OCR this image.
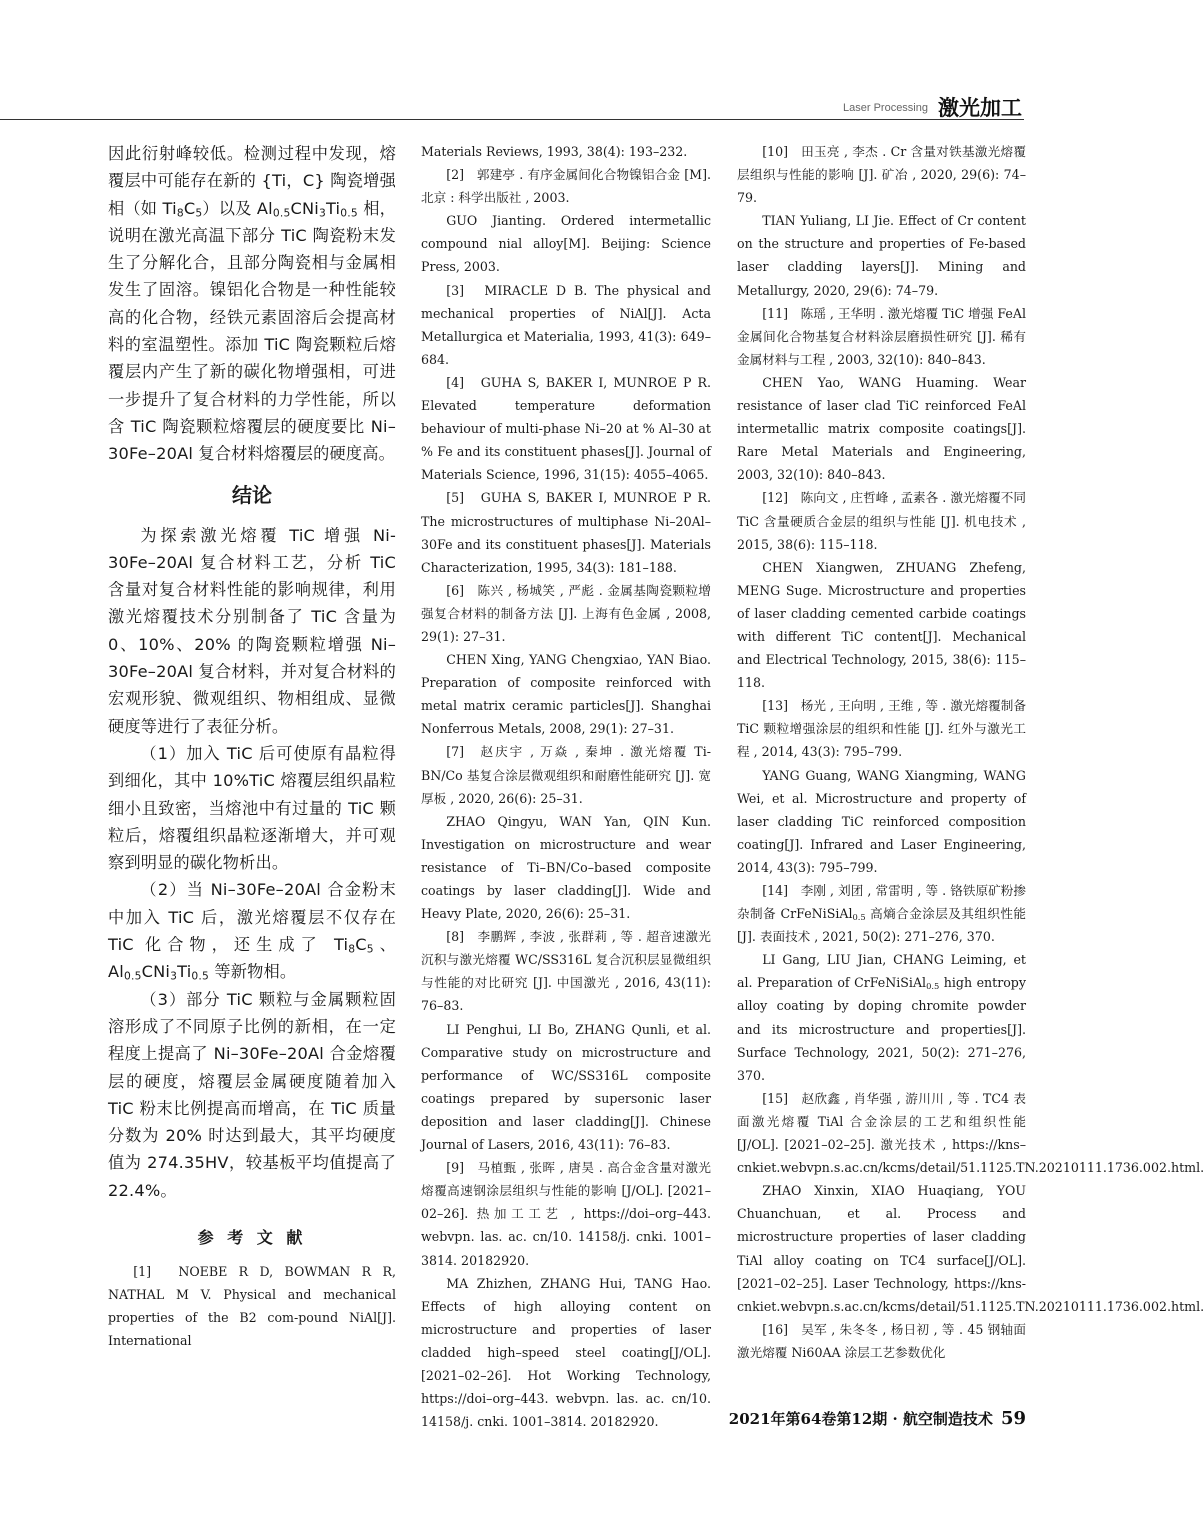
Laser Processing 激光加工

因此衍射峰较低。检测过程中发现，熔覆层中可能存在新的 {Ti，C} 陶瓷增强相（如 $Ti_8C_5$）以及 $Al_{0.5}CNi_3Ti_{0.5}$ 相，说明在激光高温下部分 TiC 陶瓷粉末发生了分解化合，且部分陶瓷相与金属相发生了固溶。镍铝化合物是一种性能较高的化合物，经铁元素固溶后会提高材料的室温塑性。添加 TiC 陶瓷颗粒后熔覆层内产生了新的碳化物增强相，可进一步提升了复合材料的力学性能，所以含 TiC 陶瓷颗粒熔覆层的硬度要比 Ni–30Fe–20Al 复合材料熔覆层的硬度高。

结论

为探索激光熔覆 TiC 增强 Ni-30Fe–20Al 复合材料工艺，分析 TiC 含量对复合材料性能的影响规律，利用激光熔覆技术分别制备了 TiC 含量为 0、10%、20% 的陶瓷颗粒增强 Ni–30Fe–20Al 复合材料，并对复合材料的宏观形貌、微观组织、物相组成、显微硬度等进行了表征分析。

（1）加入 TiC 后可使原有晶粒得到细化，其中 10%TiC 熔覆层组织晶粒细小且致密，当熔池中有过量的 TiC 颗粒后，熔覆组织晶粒逐渐增大，并可观察到明显的碳化物析出。

（2）当 Ni–30Fe–20Al 合金粉末中加入 TiC 后，激光熔覆层不仅存在 TiC 化合物，还生成了 $Ti_8C_5$、$Al_{0.5}CNi_3Ti_{0.5}$ 等新物相。

（3）部分 TiC 颗粒与金属颗粒固溶形成了不同原子比例的新相，在一定程度上提高了 Ni–30Fe–20Al 合金熔覆层的硬度，熔覆层金属硬度随着加入 TiC 粉末比例提高而增高，在 TiC 质量分数为 20% 时达到最大，其平均硬度值为 274.35HV，较基板平均值提高了 22.4%。

参 考 文 献

[1]　NOEBE R D, BOWMAN R R, NATHAL M V. Physical and mechanical properties of the B2 com-pound NiAl[J]. International

Materials Reviews, 1993, 38(4): 193–232.

[2]　郭建亭 . 有序金属间化合物镍铝合金 [M]. 北京 : 科学出版社 , 2003.

GUO Jianting. Ordered intermetallic compound nial alloy[M]. Beijing: Science Press, 2003.

[3]　MIRACLE D B. The physical and mechanical properties of NiAl[J]. Acta Metallurgica et Materialia, 1993, 41(3): 649–684.

[4]　GUHA S, BAKER I, MUNROE P R. Elevated temperature deformation behaviour of multi-phase Ni–20 at % Al–30 at % Fe and its constituent phases[J]. Journal of Materials Science, 1996, 31(15): 4055–4065.

[5]　GUHA S, BAKER I, MUNROE P R. The microstructures of multiphase Ni–20Al–30Fe and its constituent phases[J]. Materials Characterization, 1995, 34(3): 181–188.

[6]　陈兴 , 杨城笑 , 严彪 . 金属基陶瓷颗粒增强复合材料的制备方法 [J]. 上海有色金属 , 2008, 29(1): 27–31.

CHEN Xing, YANG Chengxiao, YAN Biao. Preparation of composite reinforced with metal matrix ceramic particles[J]. Shanghai Nonferrous Metals, 2008, 29(1): 27–31.

[7]　赵庆宇 , 万焱 , 秦坤 . 激光熔覆 Ti-BN/Co 基复合涂层微观组织和耐磨性能研究 [J]. 宽厚板 , 2020, 26(6): 25–31.

ZHAO Qingyu, WAN Yan, QIN Kun. Investigation on microstructure and wear resistance of Ti–BN/Co–based composite coatings by laser cladding[J]. Wide and Heavy Plate, 2020, 26(6): 25–31.

[8]　李鹏辉 , 李波 , 张群莉 , 等 . 超音速激光沉积与激光熔覆 WC/SS316L 复合沉积层显微组织与性能的对比研究 [J]. 中国激光 , 2016, 43(11): 76–83.

LI Penghui, LI Bo, ZHANG Qunli, et al. Comparative study on microstructure and performance of WC/SS316L composite coatings prepared by supersonic laser deposition and laser cladding[J]. Chinese Journal of Lasers, 2016, 43(11): 76–83.

[9]　马植甄 , 张晖 , 唐昊 . 高合金含量对激光熔覆高速钢涂层组织与性能的影响 [J/OL]. [2021–02–26]. 热加工工艺 , https://doi–org–443. webvpn. las. ac. cn/10. 14158/j. cnki. 1001–3814. 20182920.

MA Zhizhen, ZHANG Hui, TANG Hao. Effects of high alloying content on microstructure and properties of laser cladded high–speed steel coating[J/OL]. [2021–02–26]. Hot Working Technology, https://doi–org–443. webvpn. las. ac. cn/10. 14158/j. cnki. 1001–3814. 20182920.

[10]　田玉亮 , 李杰 . Cr 含量对铁基激光熔覆层组织与性能的影响 [J]. 矿冶 , 2020, 29(6): 74–79.

TIAN Yuliang, LI Jie. Effect of Cr content on the structure and properties of Fe-based laser cladding layers[J]. Mining and Metallurgy, 2020, 29(6): 74–79.

[11]　陈瑶 , 王华明 . 激光熔覆 TiC 增强 FeAl 金属间化合物基复合材料涂层磨损性研究 [J]. 稀有金属材料与工程 , 2003, 32(10): 840–843.

CHEN Yao, WANG Huaming. Wear resistance of laser clad TiC reinforced FeAl intermetallic matrix composite coatings[J]. Rare Metal Materials and Engineering, 2003, 32(10): 840–843.

[12]　陈向文 , 庄哲峰 , 孟素各 . 激光熔覆不同 TiC 含量硬质合金层的组织与性能 [J]. 机电技术 , 2015, 38(6): 115–118.

CHEN Xiangwen, ZHUANG Zhefeng, MENG Suge. Microstructure and properties of laser cladding cemented carbide coatings with different TiC content[J]. Mechanical and Electrical Technology, 2015, 38(6): 115–118.

[13]　杨光 , 王向明 , 王维 , 等 . 激光熔覆制备 TiC 颗粒增强涂层的组织和性能 [J]. 红外与激光工程 , 2014, 43(3): 795–799.

YANG Guang, WANG Xiangming, WANG Wei, et al. Microstructure and property of laser cladding TiC reinforced composition coating[J]. Infrared and Laser Engineering, 2014, 43(3): 795–799.

[14]　李刚 , 刘团 , 常雷明 , 等 . 铬铁原矿粉掺杂制备 CrFeNiSiAl$_{0.5}$ 高熵合金涂层及其组织性能 [J]. 表面技术 , 2021, 50(2): 271–276, 370.

LI Gang, LIU Jian, CHANG Leiming, et al. Preparation of CrFeNiSiAl$_{0.5}$ high entropy alloy coating by doping chromite powder and its microstructure and properties[J]. Surface Technology, 2021, 50(2): 271–276, 370.

[15]　赵欣鑫 , 肖华强 , 游川川 , 等 . TC4 表面激光熔覆 TiAl 合金涂层的工艺和组织性能 [J/OL]. [2021–02–25]. 激光技术 , https://kns–cnkiet.webvpn.s.ac.cn/kcms/detail/51.1125.TN.20210111.1736.002.html.

ZHAO Xinxin, XIAO Huaqiang, YOU Chuanchuan, et al. Process and microstructure properties of laser cladding TiAl alloy coating on TC4 surface[J/OL]. [2021–02–25]. Laser Technology, https://kns-cnkiet.webvpn.s.ac.cn/kcms/detail/51.1125.TN.20210111.1736.002.html.

[16]　吴军 , 朱冬冬 , 杨日初 , 等 . 45 钢轴面激光熔覆 Ni60AA 涂层工艺参数优化

2021年第64卷第12期 · 航空制造技术 59
